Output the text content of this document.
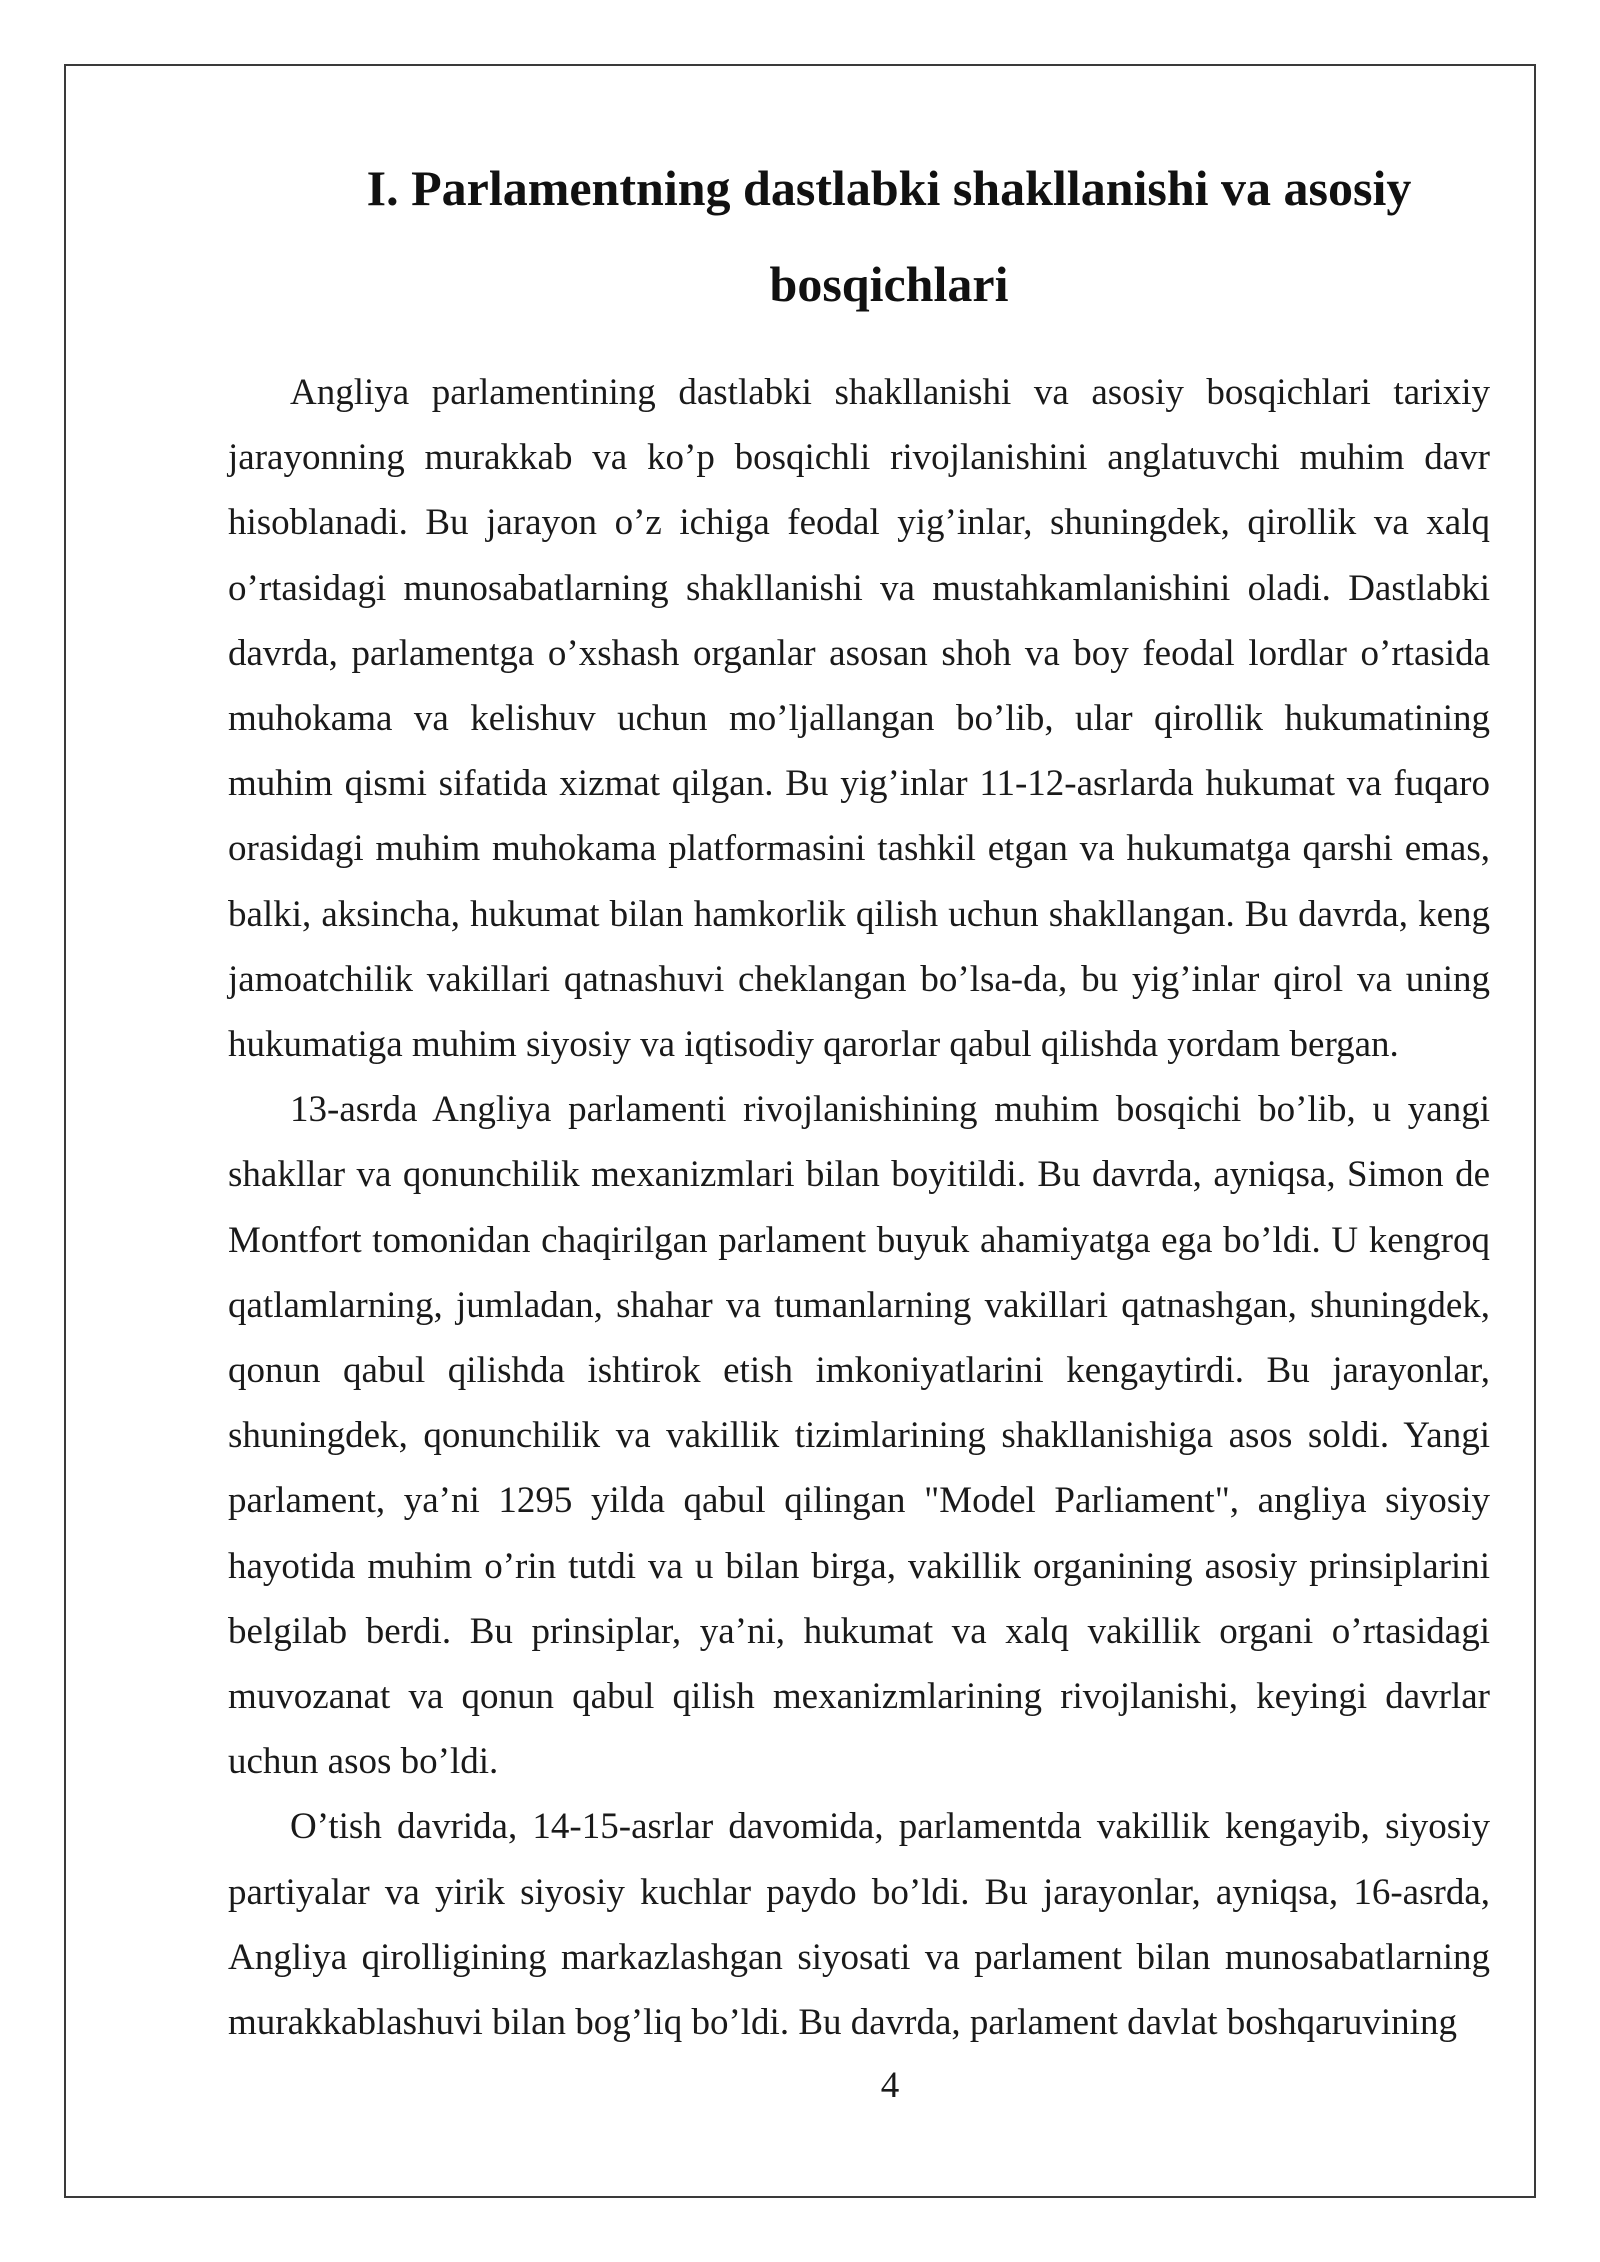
I. Parlamentning dastlabki shakllanishi va asosiy
bosqichlari

Angliya parlamentining dastlabki shakllanishi va asosiy bosqichlari tarixiy jarayonning murakkab va ko’p bosqichli rivojlanishini anglatuvchi muhim davr hisoblanadi. Bu jarayon o’z ichiga feodal yig’inlar, shuningdek, qirollik va xalq o’rtasidagi munosabatlarning shakllanishi va mustahkamlanishini oladi. Dastlabki davrda, parlamentga o’xshash organlar asosan shoh va boy feodal lordlar o’rtasida muhokama va kelishuv uchun mo’ljallangan bo’lib, ular qirollik hukumatining muhim qismi sifatida xizmat qilgan. Bu yig’inlar 11-12-asrlarda hukumat va fuqaro orasidagi muhim muhokama platformasini tashkil etgan va hukumatga qarshi emas, balki, aksincha, hukumat bilan hamkorlik qilish uchun shakllangan. Bu davrda, keng jamoatchilik vakillari qatnashuvi cheklangan bo’lsa-da, bu yig’inlar qirol va uning hukumatiga muhim siyosiy va iqtisodiy qarorlar qabul qilishda yordam bergan.

13-asrda Angliya parlamenti rivojlanishining muhim bosqichi bo’lib, u yangi shakllar va qonunchilik mexanizmlari bilan boyitildi. Bu davrda, ayniqsa, Simon de Montfort tomonidan chaqirilgan parlament buyuk ahamiyatga ega bo’ldi. U kengroq qatlamlarning, jumladan, shahar va tumanlarning vakillari qatnashgan, shuningdek, qonun qabul qilishda ishtirok etish imkoniyatlarini kengaytirdi. Bu jarayonlar, shuningdek, qonunchilik va vakillik tizimlarining shakllanishiga asos soldi. Yangi parlament, ya’ni 1295 yilda qabul qilingan "Model Parliament", angliya siyosiy hayotida muhim o’rin tutdi va u bilan birga, vakillik organining asosiy prinsiplarini belgilab berdi. Bu prinsiplar, ya’ni, hukumat va xalq vakillik organi o’rtasidagi muvozanat va qonun qabul qilish mexanizmlarining rivojlanishi, keyingi davrlar uchun asos bo’ldi.

O’tish davrida, 14-15-asrlar davomida, parlamentda vakillik kengayib, siyosiy partiyalar va yirik siyosiy kuchlar paydo bo’ldi. Bu jarayonlar, ayniqsa, 16-asrda, Angliya qirolligining markazlashgan siyosati va parlament bilan munosabatlarning murakkablashuvi bilan bog’liq bo’ldi. Bu davrda, parlament davlat boshqaruvining

4
